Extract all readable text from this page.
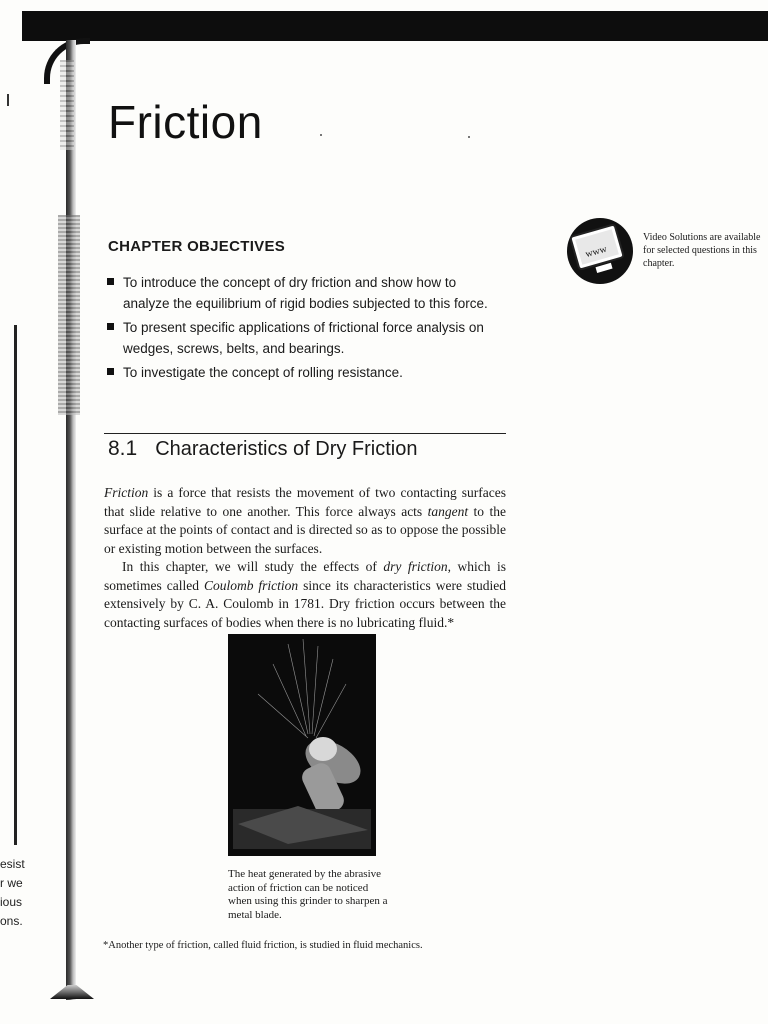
esist
r we
ious
ons.
Friction
CHAPTER OBJECTIVES
To introduce the concept of dry friction and show how to analyze the equilibrium of rigid bodies subjected to this force.
To present specific applications of frictional force analysis on wedges, screws, belts, and bearings.
To investigate the concept of rolling resistance.
www
Video Solutions are available for selected questions in this chapter.
8.1 Characteristics of Dry Friction

Friction is a force that resists the movement of two contacting surfaces that slide relative to one another. This force always acts tangent to the surface at the points of contact and is directed so as to oppose the possible or existing motion between the surfaces.

In this chapter, we will study the effects of dry friction, which is sometimes called Coulomb friction since its characteristics were studied extensively by C. A. Coulomb in 1781. Dry friction occurs between the contacting surfaces of bodies when there is no lubricating fluid.*

The heat generated by the abrasive action of friction can be noticed when using this grinder to sharpen a metal blade.
*Another type of friction, called fluid friction, is studied in fluid mechanics.
